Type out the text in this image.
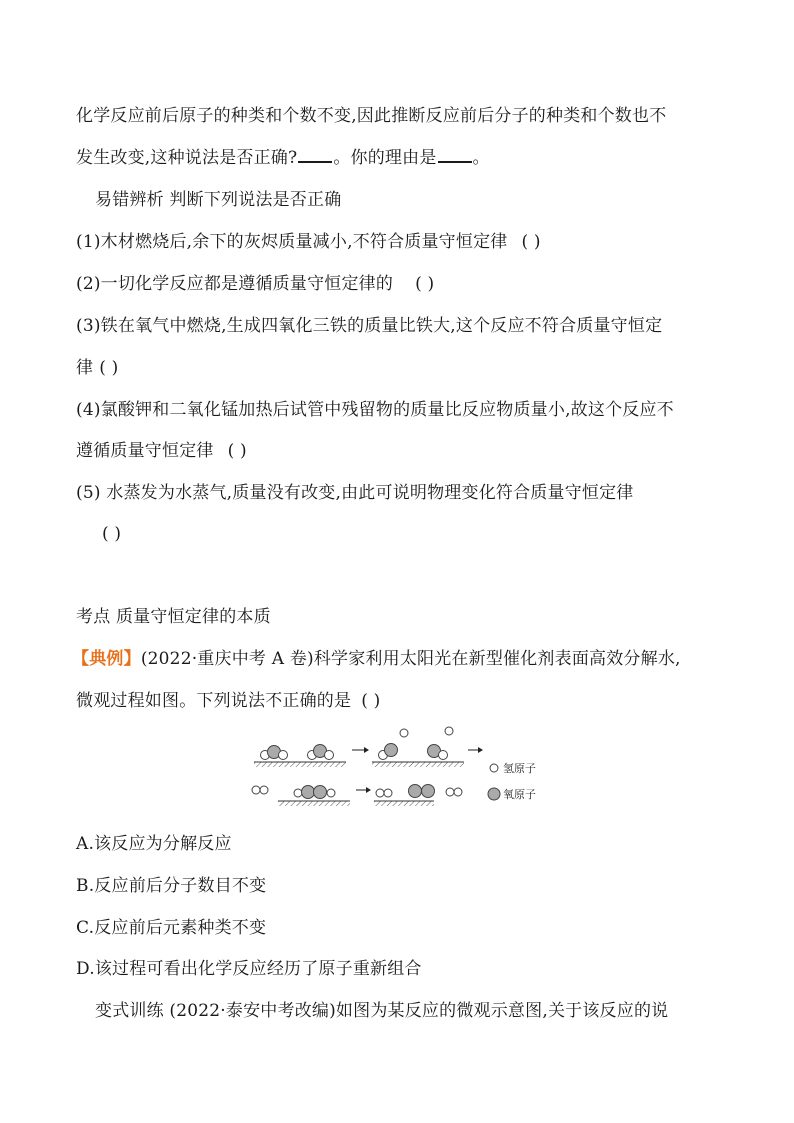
化学反应前后原子的种类和个数不变,因此推断反应前后分子的种类和个数也不
发生改变,这种说法是否正确? 。你的理由是 。
易错辨析 判断下列说法是否正确
(1)木材燃烧后,余下的灰烬质量减小,不符合质量守恒定律 ( )
(2)一切化学反应都是遵循质量守恒定律的 ( )
(3)铁在氧气中燃烧,生成四氧化三铁的质量比铁大,这个反应不符合质量守恒定
律 ( )
(4)氯酸钾和二氧化锰加热后试管中残留物的质量比反应物质量小,故这个反应不
遵循质量守恒定律 ( )
(5) 水蒸发为水蒸气,质量没有改变,由此可说明物理变化符合质量守恒定律
( )
考点 质量守恒定律的本质
【典例】(2022·重庆中考 A 卷)科学家利用太阳光在新型催化剂表面高效分解水,
微观过程如图。下列说法不正确的是 ( )
氢原子
氧原子
A.该反应为分解反应
B.反应前后分子数目不变
C.反应前后元素种类不变
D.该过程可看出化学反应经历了原子重新组合
变式训练 (2022·泰安中考改编)如图为某反应的微观示意图,关于该反应的说
